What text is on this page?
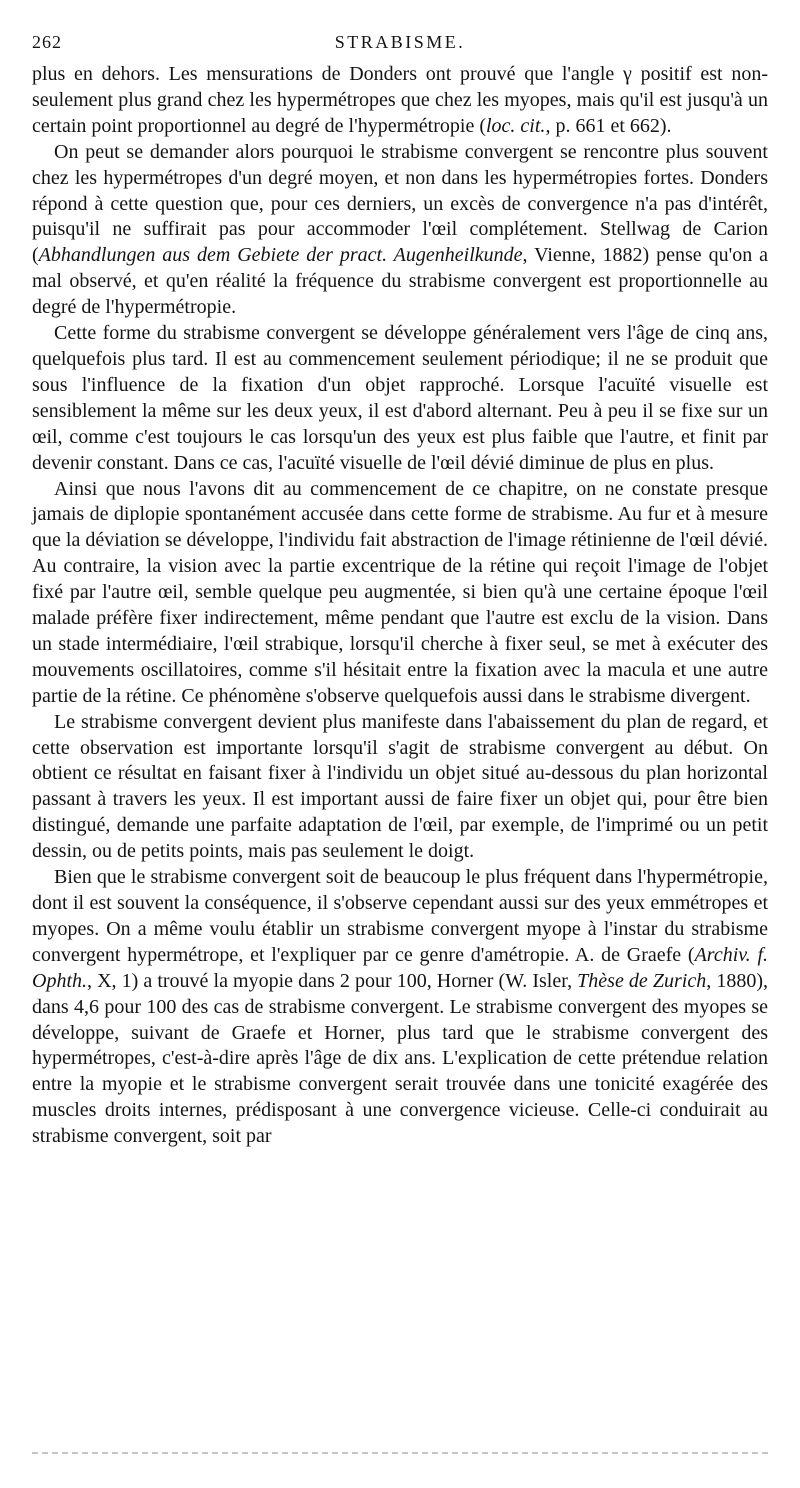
262	STRABISME.

plus en dehors. Les mensurations de Donders ont prouvé que l'angle γ positif est non-seulement plus grand chez les hypermétropes que chez les myopes, mais qu'il est jusqu'à un certain point proportionnel au degré de l'hypermétropie (loc. cit., p. 661 et 662).

On peut se demander alors pourquoi le strabisme convergent se rencontre plus souvent chez les hypermétropes d'un degré moyen, et non dans les hypermétropies fortes. Donders répond à cette question que, pour ces derniers, un excès de convergence n'a pas d'intérêt, puisqu'il ne suffirait pas pour accommoder l'œil complétement. Stellwag de Carion (Abhandlungen aus dem Gebiete der pract. Augenheilkunde, Vienne, 1882) pense qu'on a mal observé, et qu'en réalité la fréquence du strabisme convergent est proportionnelle au degré de l'hypermétropie.

Cette forme du strabisme convergent se développe généralement vers l'âge de cinq ans, quelquefois plus tard. Il est au commencement seulement périodique; il ne se produit que sous l'influence de la fixation d'un objet rapproché. Lorsque l'acuïté visuelle est sensiblement la même sur les deux yeux, il est d'abord alternant. Peu à peu il se fixe sur un œil, comme c'est toujours le cas lorsqu'un des yeux est plus faible que l'autre, et finit par devenir constant. Dans ce cas, l'acuïté visuelle de l'œil dévié diminue de plus en plus.

Ainsi que nous l'avons dit au commencement de ce chapitre, on ne constate presque jamais de diplopie spontanément accusée dans cette forme de strabisme. Au fur et à mesure que la déviation se développe, l'individu fait abstraction de l'image rétinienne de l'œil dévié. Au contraire, la vision avec la partie excentrique de la rétine qui reçoit l'image de l'objet fixé par l'autre œil, semble quelque peu augmentée, si bien qu'à une certaine époque l'œil malade préfère fixer indirectement, même pendant que l'autre est exclu de la vision. Dans un stade intermédiaire, l'œil strabique, lorsqu'il cherche à fixer seul, se met à exécuter des mouvements oscillatoires, comme s'il hésitait entre la fixation avec la macula et une autre partie de la rétine. Ce phénomène s'observe quelquefois aussi dans le strabisme divergent.

Le strabisme convergent devient plus manifeste dans l'abaissement du plan de regard, et cette observation est importante lorsqu'il s'agit de strabisme convergent au début. On obtient ce résultat en faisant fixer à l'individu un objet situé au-dessous du plan horizontal passant à travers les yeux. Il est important aussi de faire fixer un objet qui, pour être bien distingué, demande une parfaite adaptation de l'œil, par exemple, de l'imprimé ou un petit dessin, ou de petits points, mais pas seulement le doigt.

Bien que le strabisme convergent soit de beaucoup le plus fréquent dans l'hypermétropie, dont il est souvent la conséquence, il s'observe cependant aussi sur des yeux emmétropes et myopes. On a même voulu établir un strabisme convergent myope à l'instar du strabisme convergent hypermétrope, et l'expliquer par ce genre d'amétropie. A. de Graefe (Archiv. f. Ophth., X, 1) a trouvé la myopie dans 2 pour 100, Horner (W. Isler, Thèse de Zurich, 1880), dans 4,6 pour 100 des cas de strabisme convergent. Le strabisme convergent des myopes se développe, suivant de Graefe et Horner, plus tard que le strabisme convergent des hypermétropes, c'est-à-dire après l'âge de dix ans. L'explication de cette prétendue relation entre la myopie et le strabisme convergent serait trouvée dans une tonicité exagérée des muscles droits internes, prédisposant à une convergence vicieuse. Celle-ci conduirait au strabisme convergent, soit par
